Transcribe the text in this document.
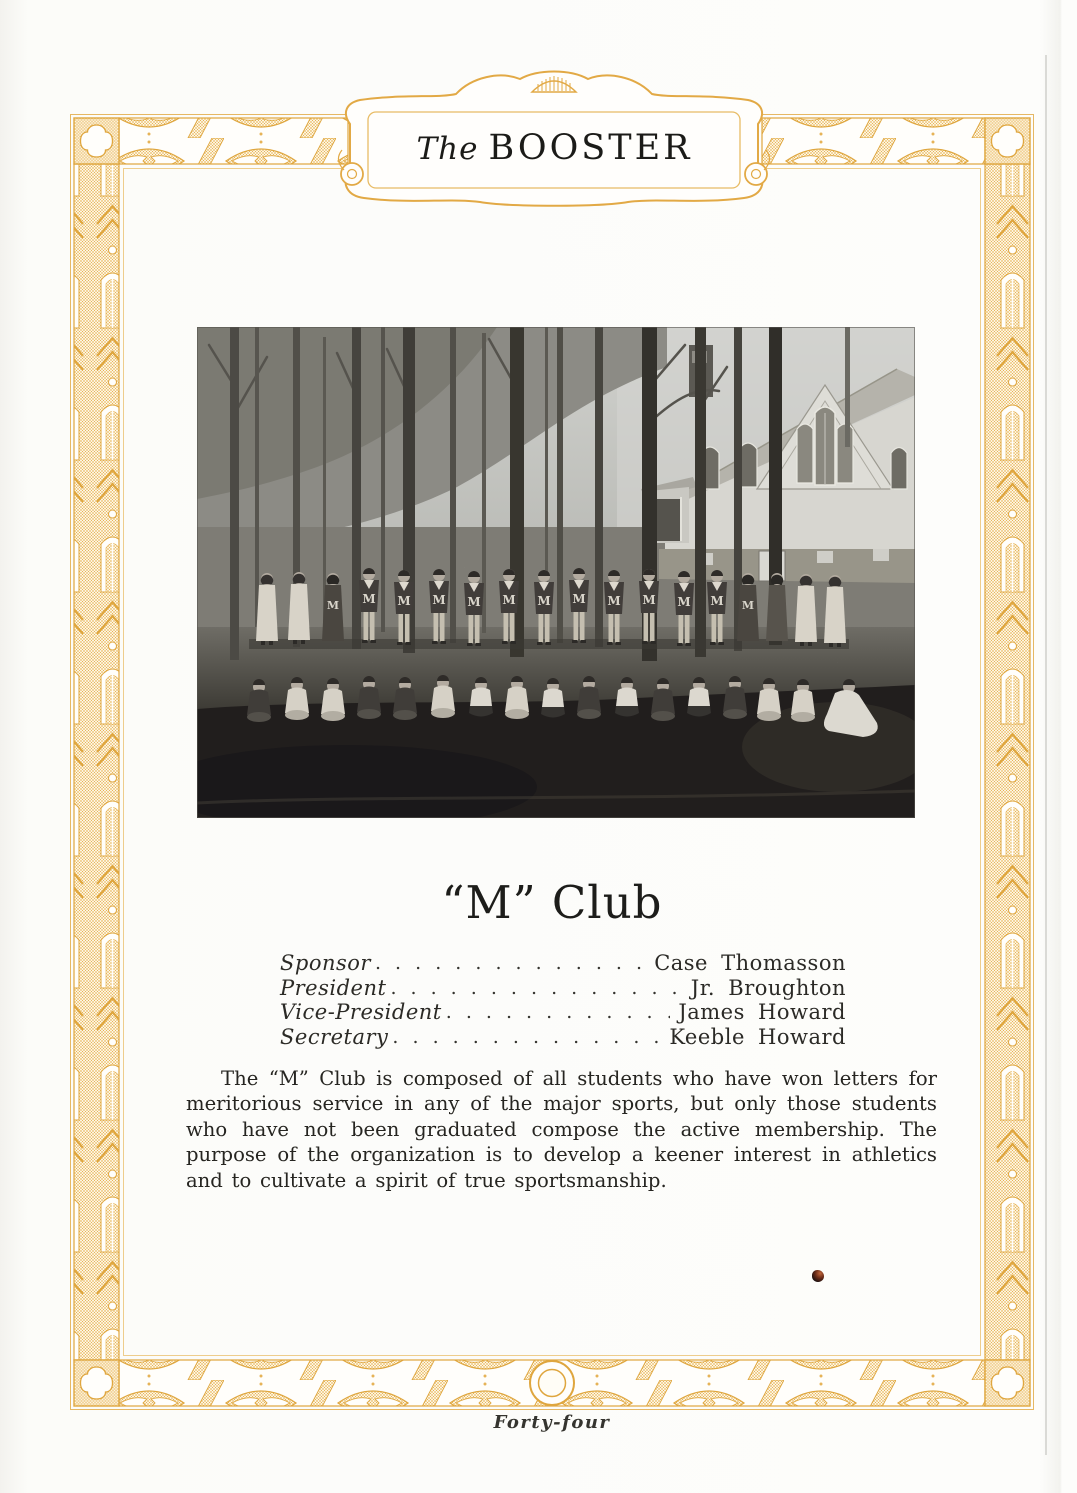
The BOOSTER
“M” Club
Sponsor . . .	Case Thomasson
President . . .	Jr. Broughton
Vice-President . . .	James Howard
Secretary . . .	Keeble Howard
The “M” Club is composed of all students who have won letters for meritorious service in any of the major sports, but only those students who have not been graduated compose the active membership. The purpose of the organization is to develop a keener interest in athletics and to cultivate a spirit of true sportsmanship.
Forty-four
